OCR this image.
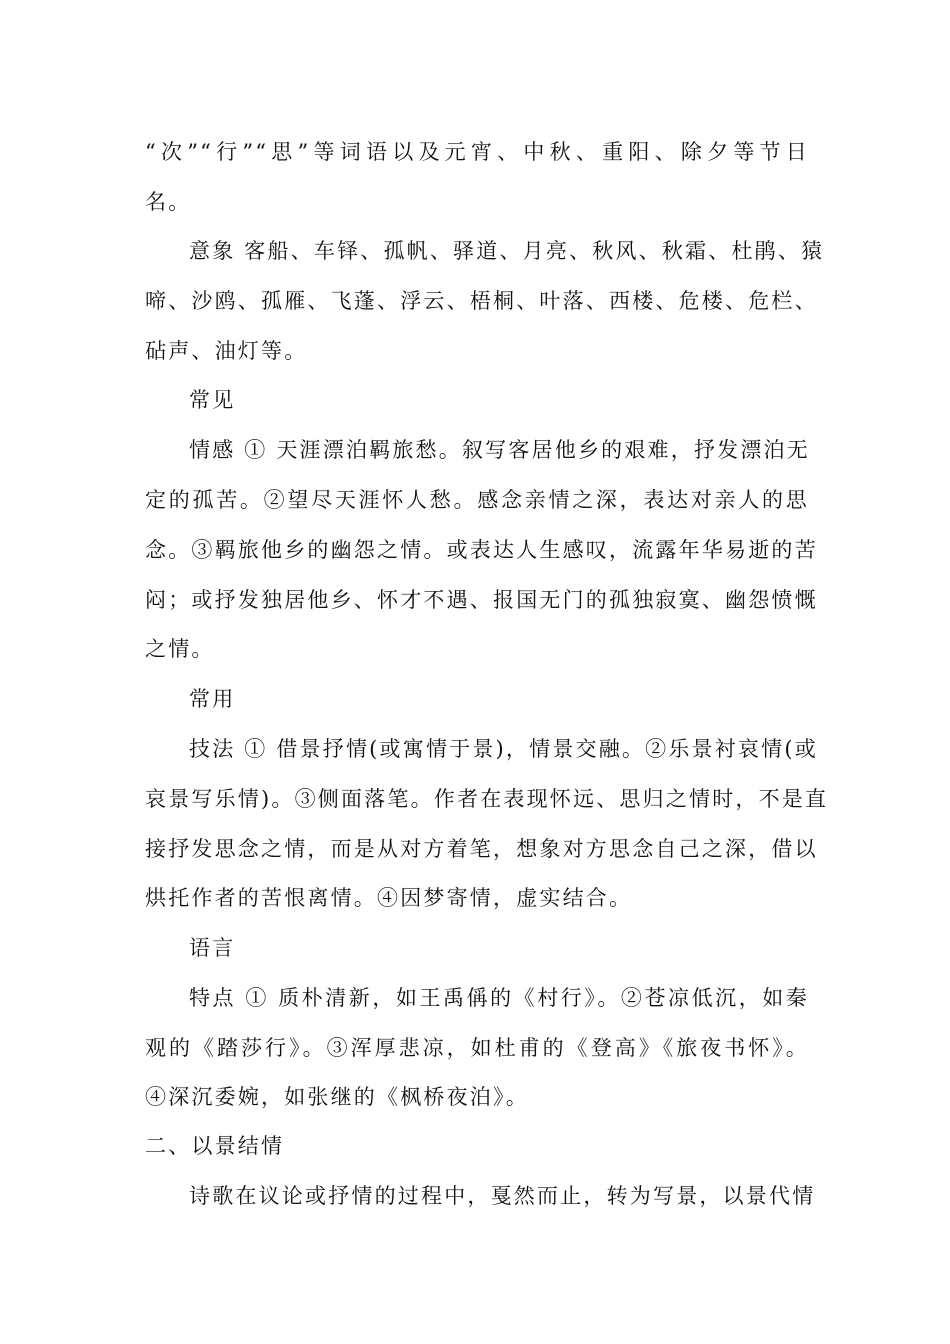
“次”“行”“思”等词语以及元宵、中秋、重阳、除夕等节日
名。
意象 客船、车铎、孤帆、驿道、月亮、秋风、秋霜、杜鹃、猿
啼、沙鸥、孤雁、飞蓬、浮云、梧桐、叶落、西楼、危楼、危栏、
砧声、油灯等。
常见
情感 ① 天涯漂泊羁旅愁。叙写客居他乡的艰难，抒发漂泊无
定的孤苦。②望尽天涯怀人愁。感念亲情之深，表达对亲人的思
念。③羁旅他乡的幽怨之情。或表达人生感叹，流露年华易逝的苦
闷；或抒发独居他乡、怀才不遇、报国无门的孤独寂寞、幽怨愤慨
之情。
常用
技法 ① 借景抒情(或寓情于景)，情景交融。②乐景衬哀情(或
哀景写乐情)。③侧面落笔。作者在表现怀远、思归之情时，不是直
接抒发思念之情，而是从对方着笔，想象对方思念自己之深，借以
烘托作者的苦恨离情。④因梦寄情，虚实结合。
语言
特点 ① 质朴清新，如王禹偁的《村行》。②苍凉低沉，如秦
观的《踏莎行》。③浑厚悲凉，如杜甫的《登高》《旅夜书怀》。
④深沉委婉，如张继的《枫桥夜泊》。
二、以景结情
诗歌在议论或抒情的过程中，戛然而止，转为写景，以景代情
